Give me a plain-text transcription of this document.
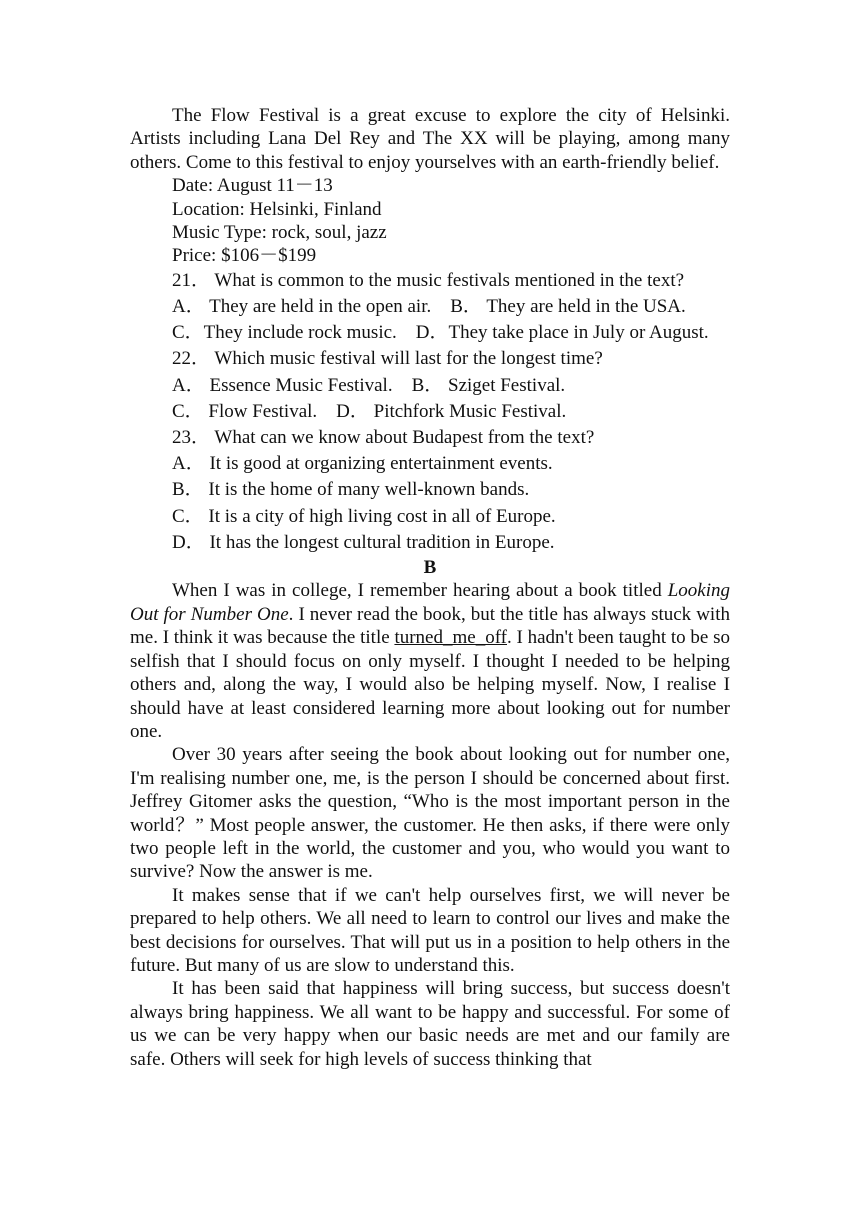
The Flow Festival is a great excuse to explore the city of Helsinki. Artists including Lana Del Rey and The XX will be playing, among many others. Come to this festival to enjoy yourselves with an earth-friendly belief.

Date: August 11－13

Location: Helsinki, Finland

Music Type: rock, soul, jazz

Price: $106－$199

21． What is common to the music festivals mentioned in the text?

A． They are held in the open air.　B． They are held in the USA.

C．They include rock music.　D．They take place in July or August.

22． Which music festival will last for the longest time?

A． Essence Music Festival.　B． Sziget Festival.

C． Flow Festival.　D． Pitchfork Music Festival.

23． What can we know about Budapest from the text?

A． It is good at organizing entertainment events.

B． It is the home of many well-known bands.

C． It is a city of high living cost in all of Europe.

D． It has the longest cultural tradition in Europe.

B

When I was in college, I remember hearing about a book titled Looking Out for Number One. I never read the book, but the title has always stuck with me. I think it was because the title turned_me_off. I hadn't been taught to be so selfish that I should focus on only myself. I thought I needed to be helping others and, along the way, I would also be helping myself. Now, I realise I should have at least considered learning more about looking out for number one.

Over 30 years after seeing the book about looking out for number one, I'm realising number one, me, is the person I should be concerned about first. Jeffrey Gitomer asks the question, “Who is the most important person in the world？” Most people answer, the customer. He then asks, if there were only two people left in the world, the customer and you, who would you want to survive? Now the answer is me.

It makes sense that if we can't help ourselves first, we will never be prepared to help others. We all need to learn to control our lives and make the best decisions for ourselves. That will put us in a position to help others in the future. But many of us are slow to understand this.

It has been said that happiness will bring success, but success doesn't always bring happiness. We all want to be happy and successful. For some of us we can be very happy when our basic needs are met and our family are safe. Others will seek for high levels of success thinking that
